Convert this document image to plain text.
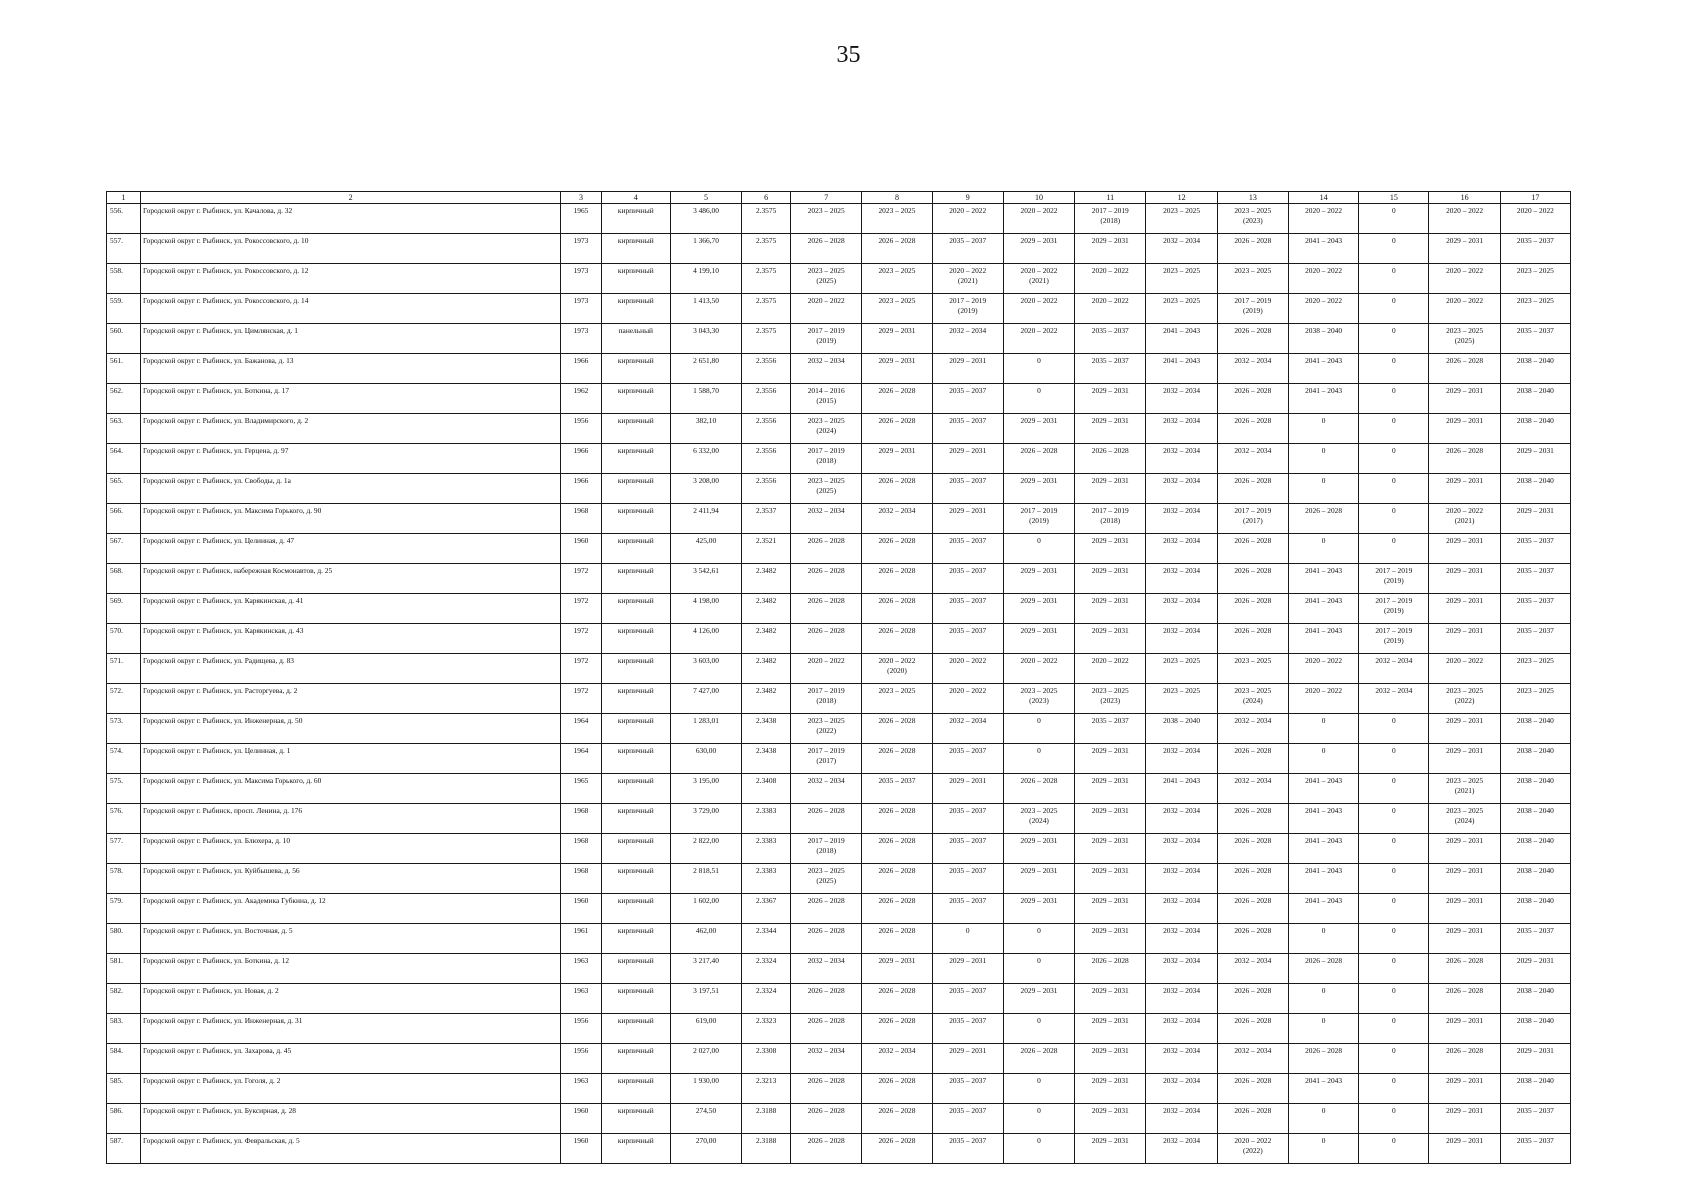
35
1	2	3	4	5	6	7	8	9	10	11	12	13	14	15	16	17
556.	Городской округ г. Рыбинск, ул. Качалова, д. 32	1965	кирпичный	3 486,00	2.3575	2023 – 2025	2023 – 2025	2020 – 2022	2020 – 2022	2017 – 2019
(2018)	2023 – 2025	2023 – 2025
(2023)	2020 – 2022	0	2020 – 2022	2020 – 2022
557.	Городской округ г. Рыбинск, ул. Рокоссовского, д. 10	1973	кирпичный	1 366,70	2.3575	2026 – 2028	2026 – 2028	2035 – 2037	2029 – 2031	2029 – 2031	2032 – 2034	2026 – 2028	2041 – 2043	0	2029 – 2031	2035 – 2037
558.	Городской округ г. Рыбинск, ул. Рокоссовского, д. 12	1973	кирпичный	4 199,10	2.3575	2023 – 2025
(2025)	2023 – 2025	2020 – 2022
(2021)	2020 – 2022
(2021)	2020 – 2022	2023 – 2025	2023 – 2025	2020 – 2022	0	2020 – 2022	2023 – 2025
559.	Городской округ г. Рыбинск, ул. Рокоссовского, д. 14	1973	кирпичный	1 413,50	2.3575	2020 – 2022	2023 – 2025	2017 – 2019
(2019)	2020 – 2022	2020 – 2022	2023 – 2025	2017 – 2019
(2019)	2020 – 2022	0	2020 – 2022	2023 – 2025
560.	Городской округ г. Рыбинск, ул. Цимлянская, д. 1	1973	панельный	3 043,30	2.3575	2017 – 2019
(2019)	2029 – 2031	2032 – 2034	2020 – 2022	2035 – 2037	2041 – 2043	2026 – 2028	2038 – 2040	0	2023 – 2025
(2025)	2035 – 2037
561.	Городской округ г. Рыбинск, ул. Бажанова, д. 13	1966	кирпичный	2 651,80	2.3556	2032 – 2034	2029 – 2031	2029 – 2031	0	2035 – 2037	2041 – 2043	2032 – 2034	2041 – 2043	0	2026 – 2028	2038 – 2040
562.	Городской округ г. Рыбинск, ул. Боткина, д. 17	1962	кирпичный	1 588,70	2.3556	2014 – 2016
(2015)	2026 – 2028	2035 – 2037	0	2029 – 2031	2032 – 2034	2026 – 2028	2041 – 2043	0	2029 – 2031	2038 – 2040
563.	Городской округ г. Рыбинск, ул. Владимирского, д. 2	1956	кирпичный	382,10	2.3556	2023 – 2025
(2024)	2026 – 2028	2035 – 2037	2029 – 2031	2029 – 2031	2032 – 2034	2026 – 2028	0	0	2029 – 2031	2038 – 2040
564.	Городской округ г. Рыбинск, ул. Герцена, д. 97	1966	кирпичный	6 332,00	2.3556	2017 – 2019
(2018)	2029 – 2031	2029 – 2031	2026 – 2028	2026 – 2028	2032 – 2034	2032 – 2034	0	0	2026 – 2028	2029 – 2031
565.	Городской округ г. Рыбинск, ул. Свободы, д. 1а	1966	кирпичный	3 208,00	2.3556	2023 – 2025
(2025)	2026 – 2028	2035 – 2037	2029 – 2031	2029 – 2031	2032 – 2034	2026 – 2028	0	0	2029 – 2031	2038 – 2040
566.	Городской округ г. Рыбинск, ул. Максима Горького, д. 90	1968	кирпичный	2 411,94	2.3537	2032 – 2034	2032 – 2034	2029 – 2031	2017 – 2019
(2019)	2017 – 2019
(2018)	2032 – 2034	2017 – 2019
(2017)	2026 – 2028	0	2020 – 2022
(2021)	2029 – 2031
567.	Городской округ г. Рыбинск, ул. Целинная, д. 47	1960	кирпичный	425,00	2.3521	2026 – 2028	2026 – 2028	2035 – 2037	0	2029 – 2031	2032 – 2034	2026 – 2028	0	0	2029 – 2031	2035 – 2037
568.	Городской округ г. Рыбинск, набережная Космонавтов, д. 25	1972	кирпичный	3 542,61	2.3482	2026 – 2028	2026 – 2028	2035 – 2037	2029 – 2031	2029 – 2031	2032 – 2034	2026 – 2028	2041 – 2043	2017 – 2019
(2019)	2029 – 2031	2035 – 2037
569.	Городской округ г. Рыбинск, ул. Карякинская, д. 41	1972	кирпичный	4 198,00	2.3482	2026 – 2028	2026 – 2028	2035 – 2037	2029 – 2031	2029 – 2031	2032 – 2034	2026 – 2028	2041 – 2043	2017 – 2019
(2019)	2029 – 2031	2035 – 2037
570.	Городской округ г. Рыбинск, ул. Карякинская, д. 43	1972	кирпичный	4 126,00	2.3482	2026 – 2028	2026 – 2028	2035 – 2037	2029 – 2031	2029 – 2031	2032 – 2034	2026 – 2028	2041 – 2043	2017 – 2019
(2019)	2029 – 2031	2035 – 2037
571.	Городской округ г. Рыбинск, ул. Радищева, д. 83	1972	кирпичный	3 603,00	2.3482	2020 – 2022	2020 – 2022
(2020)	2020 – 2022	2020 – 2022	2020 – 2022	2023 – 2025	2023 – 2025	2020 – 2022	2032 – 2034	2020 – 2022	2023 – 2025
572.	Городской округ г. Рыбинск, ул. Расторгуева, д. 2	1972	кирпичный	7 427,00	2.3482	2017 – 2019
(2018)	2023 – 2025	2020 – 2022	2023 – 2025
(2023)	2023 – 2025
(2023)	2023 – 2025	2023 – 2025
(2024)	2020 – 2022	2032 – 2034	2023 – 2025
(2022)	2023 – 2025
573.	Городской округ г. Рыбинск, ул. Инженерная, д. 50	1964	кирпичный	1 283,01	2.3438	2023 – 2025
(2022)	2026 – 2028	2032 – 2034	0	2035 – 2037	2038 – 2040	2032 – 2034	0	0	2029 – 2031	2038 – 2040
574.	Городской округ г. Рыбинск, ул. Целинная, д. 1	1964	кирпичный	630,00	2.3438	2017 – 2019
(2017)	2026 – 2028	2035 – 2037	0	2029 – 2031	2032 – 2034	2026 – 2028	0	0	2029 – 2031	2038 – 2040
575.	Городской округ г. Рыбинск, ул. Максима Горького, д. 60	1965	кирпичный	3 195,00	2.3408	2032 – 2034	2035 – 2037	2029 – 2031	2026 – 2028	2029 – 2031	2041 – 2043	2032 – 2034	2041 – 2043	0	2023 – 2025
(2021)	2038 – 2040
576.	Городской округ г. Рыбинск, просп. Ленина, д. 176	1968	кирпичный	3 729,00	2.3383	2026 – 2028	2026 – 2028	2035 – 2037	2023 – 2025
(2024)	2029 – 2031	2032 – 2034	2026 – 2028	2041 – 2043	0	2023 – 2025
(2024)	2038 – 2040
577.	Городской округ г. Рыбинск, ул. Блюхера, д. 10	1968	кирпичный	2 822,00	2.3383	2017 – 2019
(2018)	2026 – 2028	2035 – 2037	2029 – 2031	2029 – 2031	2032 – 2034	2026 – 2028	2041 – 2043	0	2029 – 2031	2038 – 2040
578.	Городской округ г. Рыбинск, ул. Куйбышева, д. 56	1968	кирпичный	2 818,51	2.3383	2023 – 2025
(2025)	2026 – 2028	2035 – 2037	2029 – 2031	2029 – 2031	2032 – 2034	2026 – 2028	2041 – 2043	0	2029 – 2031	2038 – 2040
579.	Городской округ г. Рыбинск, ул. Академика Губкина, д. 12	1960	кирпичный	1 602,00	2.3367	2026 – 2028	2026 – 2028	2035 – 2037	2029 – 2031	2029 – 2031	2032 – 2034	2026 – 2028	2041 – 2043	0	2029 – 2031	2038 – 2040
580.	Городской округ г. Рыбинск, ул. Восточная, д. 5	1961	кирпичный	462,00	2.3344	2026 – 2028	2026 – 2028	0	0	2029 – 2031	2032 – 2034	2026 – 2028	0	0	2029 – 2031	2035 – 2037
581.	Городской округ г. Рыбинск, ул. Боткина, д. 12	1963	кирпичный	3 217,40	2.3324	2032 – 2034	2029 – 2031	2029 – 2031	0	2026 – 2028	2032 – 2034	2032 – 2034	2026 – 2028	0	2026 – 2028	2029 – 2031
582.	Городской округ г. Рыбинск, ул. Новая, д. 2	1963	кирпичный	3 197,51	2.3324	2026 – 2028	2026 – 2028	2035 – 2037	2029 – 2031	2029 – 2031	2032 – 2034	2026 – 2028	0	0	2026 – 2028	2038 – 2040
583.	Городской округ г. Рыбинск, ул. Инженерная, д. 31	1956	кирпичный	619,00	2.3323	2026 – 2028	2026 – 2028	2035 – 2037	0	2029 – 2031	2032 – 2034	2026 – 2028	0	0	2029 – 2031	2038 – 2040
584.	Городской округ г. Рыбинск, ул. Захарова, д. 45	1956	кирпичный	2 027,00	2.3308	2032 – 2034	2032 – 2034	2029 – 2031	2026 – 2028	2029 – 2031	2032 – 2034	2032 – 2034	2026 – 2028	0	2026 – 2028	2029 – 2031
585.	Городской округ г. Рыбинск, ул. Гоголя, д. 2	1963	кирпичный	1 930,00	2.3213	2026 – 2028	2026 – 2028	2035 – 2037	0	2029 – 2031	2032 – 2034	2026 – 2028	2041 – 2043	0	2029 – 2031	2038 – 2040
586.	Городской округ г. Рыбинск, ул. Буксирная, д. 28	1960	кирпичный	274,50	2.3188	2026 – 2028	2026 – 2028	2035 – 2037	0	2029 – 2031	2032 – 2034	2026 – 2028	0	0	2029 – 2031	2035 – 2037
587.	Городской округ г. Рыбинск, ул. Февральская, д. 5	1960	кирпичный	270,00	2.3188	2026 – 2028	2026 – 2028	2035 – 2037	0	2029 – 2031	2032 – 2034	2020 – 2022
(2022)	0	0	2029 – 2031	2035 – 2037
